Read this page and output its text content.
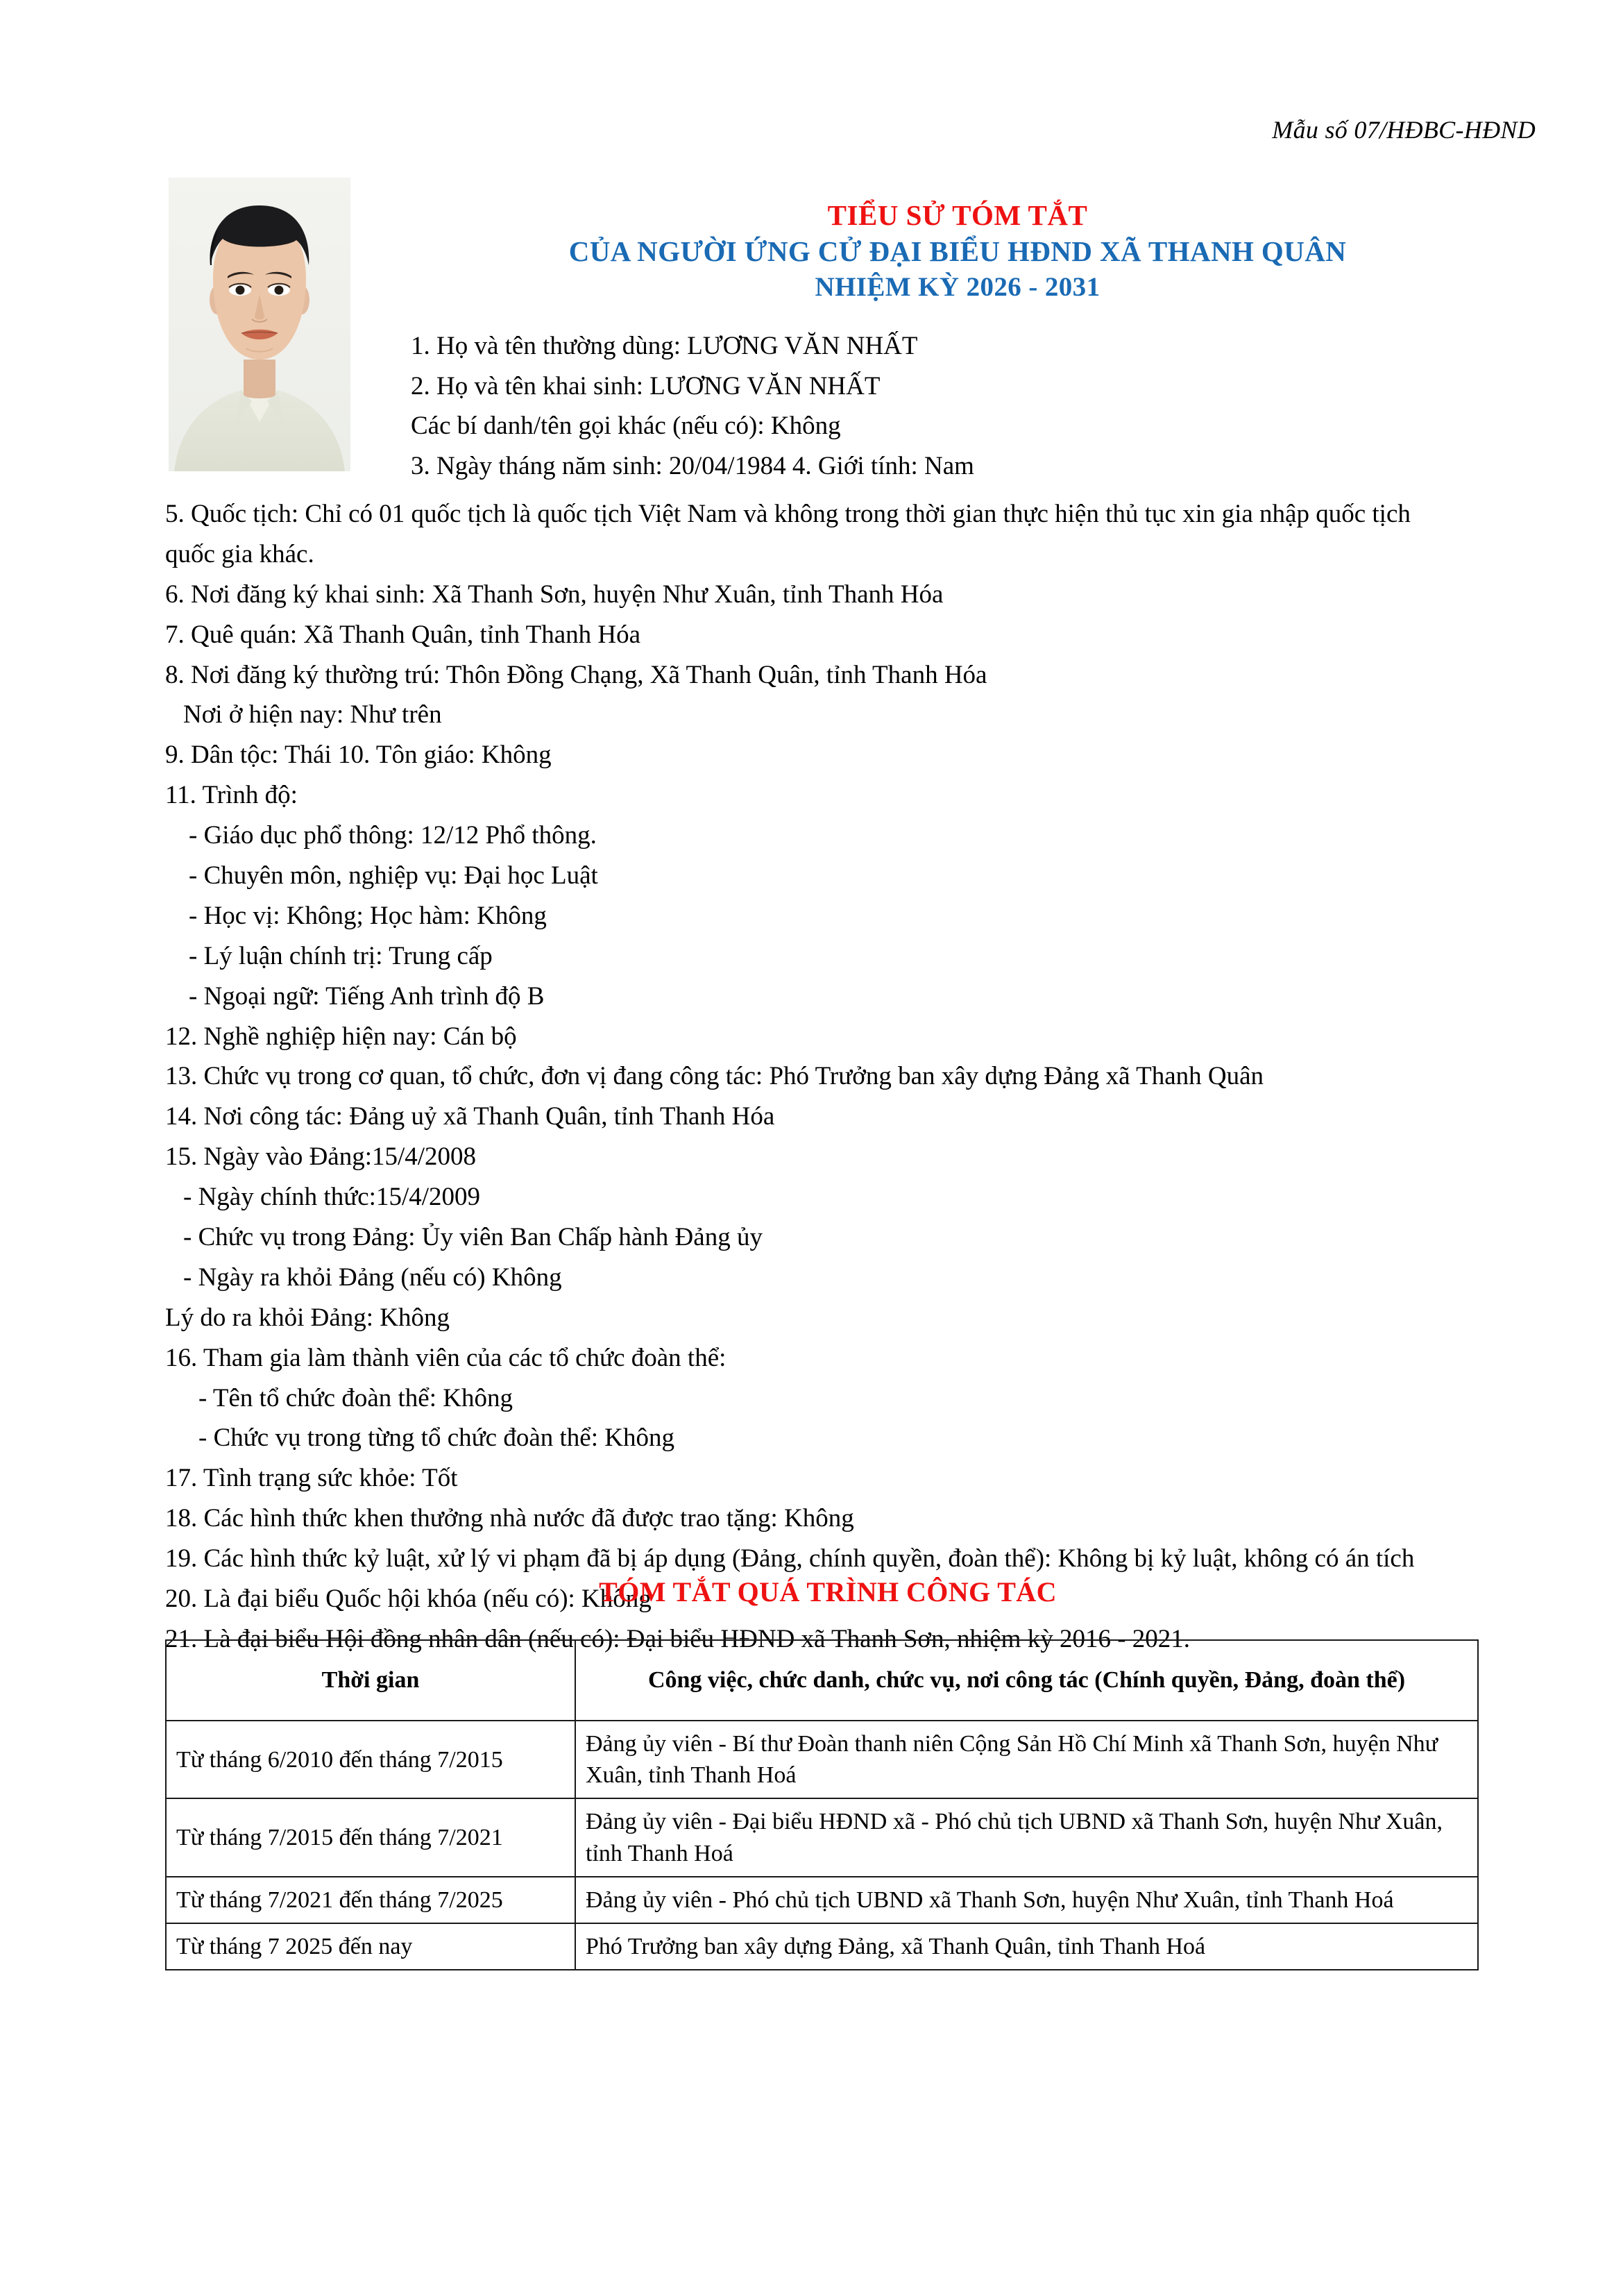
Mẫu số 07/HĐBC-HĐND
TIỂU SỬ TÓM TẮT
CỦA NGƯỜI ỨNG CỬ ĐẠI BIỂU HĐND XÃ THANH QUÂN
NHIỆM KỲ 2026 - 2031
1. Họ và tên thường dùng: LƯƠNG VĂN NHẤT
2. Họ và tên khai sinh: LƯƠNG VĂN NHẤT
Các bí danh/tên gọi khác (nếu có): Không
3. Ngày tháng năm sinh: 20/04/1984 4. Giới tính: Nam
5. Quốc tịch: Chỉ có 01 quốc tịch là quốc tịch Việt Nam và không trong thời gian thực hiện thủ tục xin gia nhập quốc tịch
quốc gia khác.
6. Nơi đăng ký khai sinh: Xã Thanh Sơn, huyện Như Xuân, tỉnh Thanh Hóa
7. Quê quán: Xã Thanh Quân, tỉnh Thanh Hóa
8. Nơi đăng ký thường trú: Thôn Đồng Chạng, Xã Thanh Quân, tỉnh Thanh Hóa
Nơi ở hiện nay: Như trên
9. Dân tộc: Thái 10. Tôn giáo: Không
11. Trình độ:
- Giáo dục phổ thông: 12/12 Phổ thông.
- Chuyên môn, nghiệp vụ: Đại học Luật
- Học vị: Không; Học hàm: Không
- Lý luận chính trị: Trung cấp
- Ngoại ngữ: Tiếng Anh trình độ B
12. Nghề nghiệp hiện nay: Cán bộ
13. Chức vụ trong cơ quan, tổ chức, đơn vị đang công tác: Phó Trưởng ban xây dựng Đảng xã Thanh Quân
14. Nơi công tác: Đảng uỷ xã Thanh Quân, tỉnh Thanh Hóa
15. Ngày vào Đảng:15/4/2008
- Ngày chính thức:15/4/2009
- Chức vụ trong Đảng: Ủy viên Ban Chấp hành Đảng ủy
- Ngày ra khỏi Đảng (nếu có) Không
Lý do ra khỏi Đảng: Không
16. Tham gia làm thành viên của các tổ chức đoàn thể:
- Tên tổ chức đoàn thể: Không
- Chức vụ trong từng tổ chức đoàn thể: Không
17. Tình trạng sức khỏe: Tốt
18. Các hình thức khen thưởng nhà nước đã được trao tặng: Không
19. Các hình thức kỷ luật, xử lý vi phạm đã bị áp dụng (Đảng, chính quyền, đoàn thể): Không bị kỷ luật, không có án tích
20. Là đại biểu Quốc hội khóa (nếu có): Không
21. Là đại biểu Hội đồng nhân dân (nếu có): Đại biểu HĐND xã Thanh Sơn, nhiệm kỳ 2016 - 2021.
TÓM TẮT QUÁ TRÌNH CÔNG TÁC
Thời gian	Công việc, chức danh, chức vụ, nơi công tác (Chính quyền, Đảng, đoàn thể)
Từ tháng 6/2010 đến tháng 7/2015	Đảng ủy viên - Bí thư Đoàn thanh niên Cộng Sản Hồ Chí Minh xã Thanh Sơn, huyện Như Xuân, tỉnh Thanh Hoá
Từ tháng 7/2015 đến tháng 7/2021	Đảng ủy viên - Đại biểu HĐND xã - Phó chủ tịch UBND xã Thanh Sơn, huyện Như Xuân, tỉnh Thanh Hoá
Từ tháng 7/2021 đến tháng 7/2025	Đảng ủy viên - Phó chủ tịch UBND xã Thanh Sơn, huyện Như Xuân, tỉnh Thanh Hoá
Từ tháng 7 2025 đến nay	Phó Trưởng ban xây dựng Đảng, xã Thanh Quân, tỉnh Thanh Hoá
